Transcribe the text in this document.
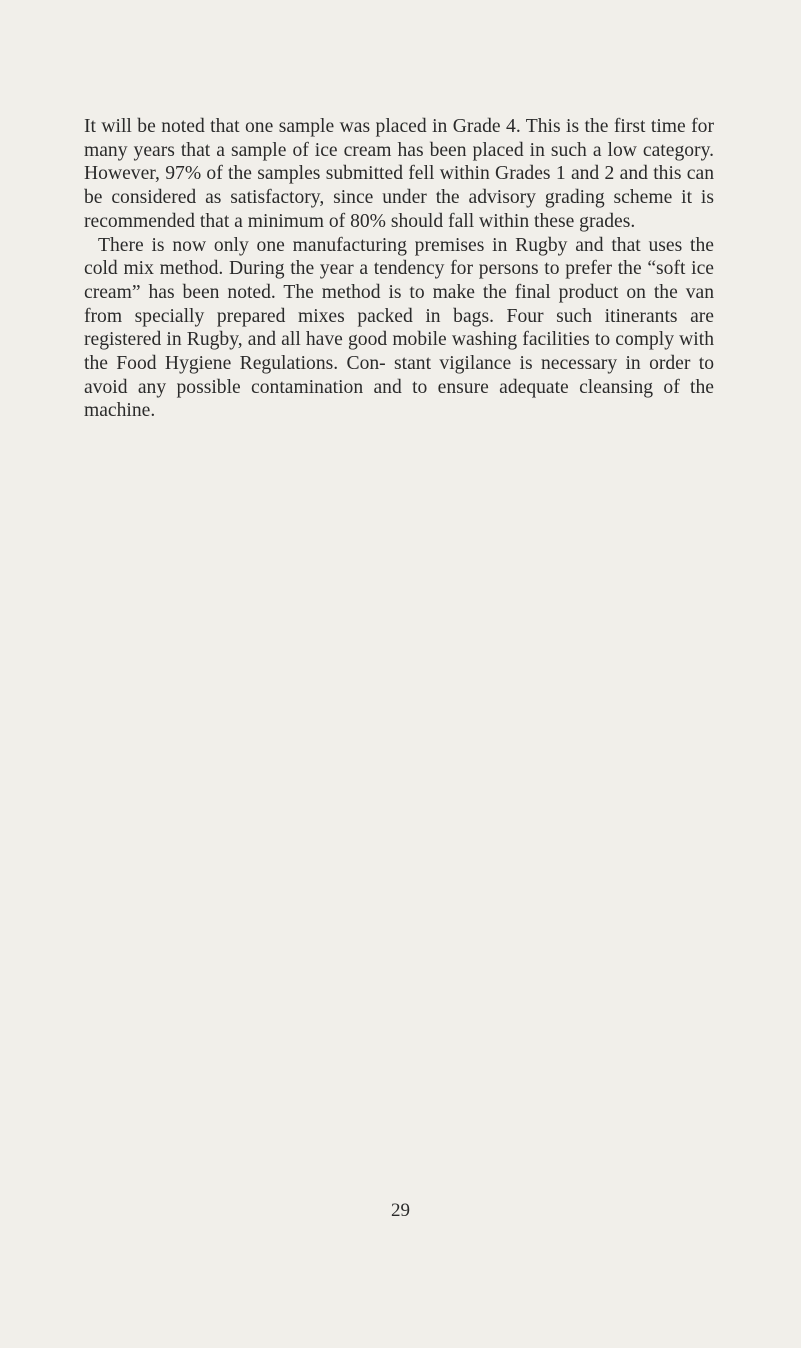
It will be noted that one sample was placed in Grade 4. This is the first time for many years that a sample of ice cream has been placed in such a low category. However, 97% of the samples submitted fell within Grades 1 and 2 and this can be considered as satisfactory, since under the advisory grading scheme it is recommended that a minimum of 80% should fall within these grades.

There is now only one manufacturing premises in Rugby and that uses the cold mix method. During the year a tendency for persons to prefer the “soft ice cream” has been noted. The method is to make the final product on the van from specially prepared mixes packed in bags. Four such itinerants are registered in Rugby, and all have good mobile washing facilities to comply with the Food Hygiene Regulations. Con- stant vigilance is necessary in order to avoid any possible contamination and to ensure adequate cleansing of the machine.

29
